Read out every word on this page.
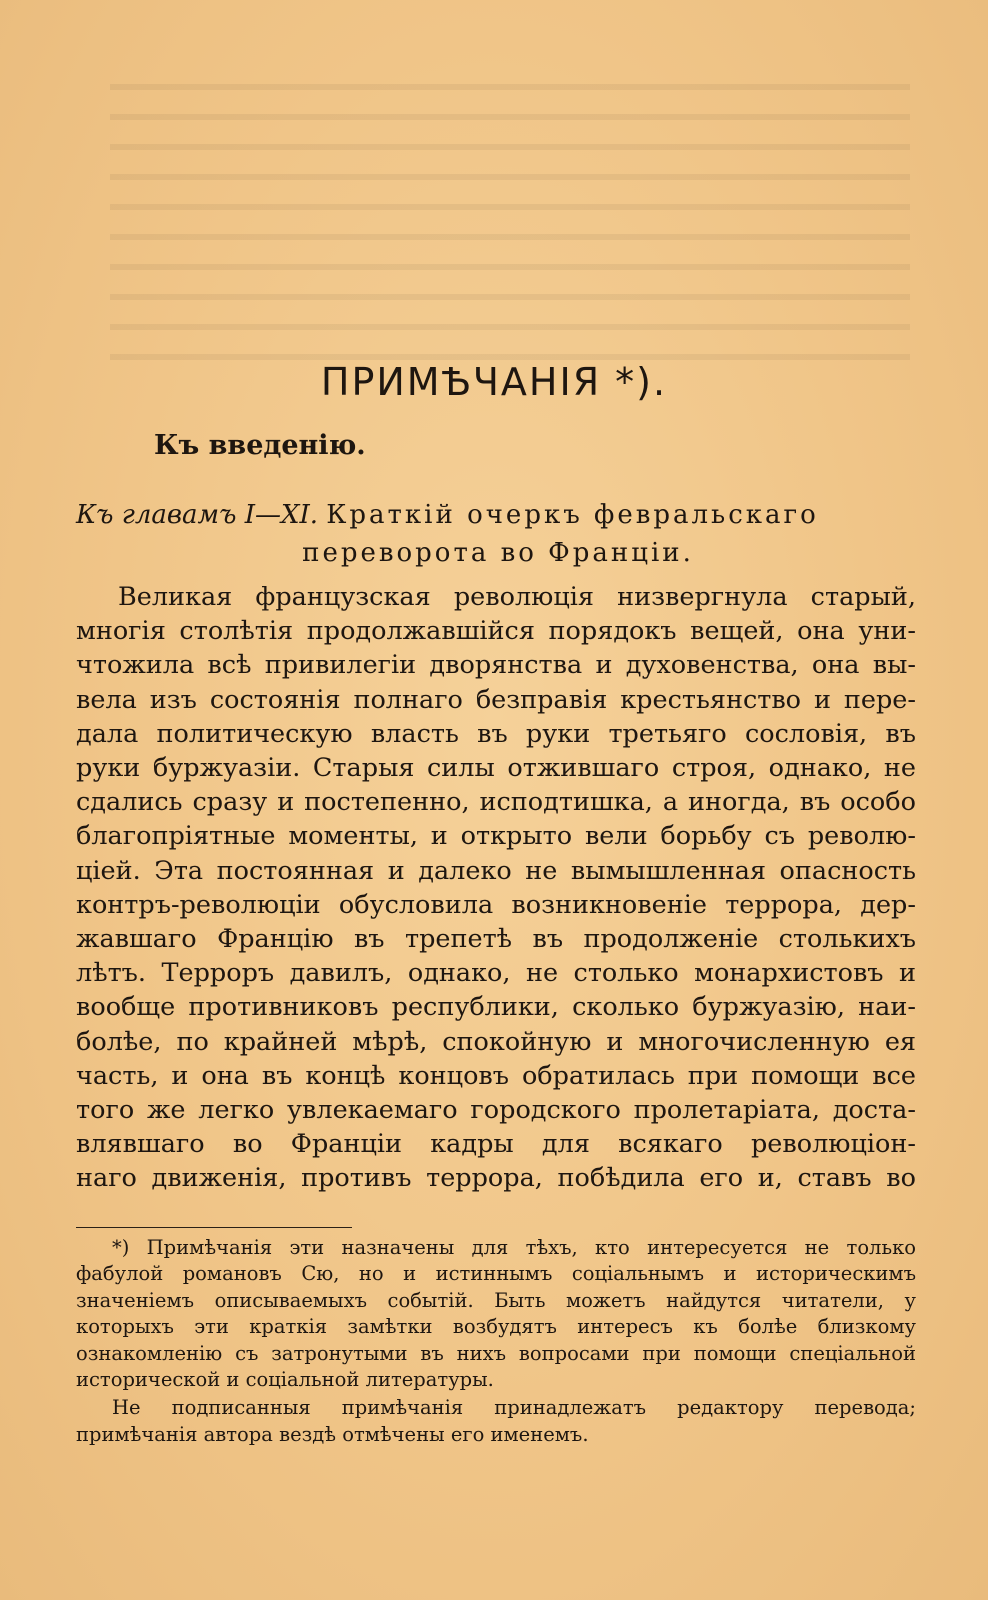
ПРИМѢЧАНІЯ *).
Къ введенію.
Къ главамъ I—XI. Краткій очеркъ февральскаго
переворота во Франціи.
Великая французская революція низвергнула старый,
многія столѣтія продолжавшійся порядокъ вещей, она уни-
чтожила всѣ привилегіи дворянства и духовенства, она вы-
вела изъ состоянія полнаго безправія крестьянство и пере-
дала политическую власть въ руки третьяго сословія, въ
руки буржуазіи. Старыя силы отжившаго строя, однако, не
сдались сразу и постепенно, исподтишка, а иногда, въ особо
благопріятные моменты, и открыто вели борьбу съ револю-
ціей. Эта постоянная и далеко не вымышленная опасность
контръ-революціи обусловила возникновеніе террора, дер-
жавшаго Францію въ трепетѣ въ продолженіе столькихъ
лѣтъ. Терроръ давилъ, однако, не столько монархистовъ и
вообще противниковъ республики, сколько буржуазію, наи-
болѣе, по крайней мѣрѣ, спокойную и многочисленную ея
часть, и она въ концѣ концовъ обратилась при помощи все
того же легко увлекаемаго городского пролетаріата, доста-
влявшаго во Франціи кадры для всякаго революціон-
наго движенія, противъ террора, побѣдила его и, ставъ во
*) Примѣчанія эти назначены для тѣхъ, кто интересуется не только
фабулой романовъ Сю, но и истиннымъ соціальнымъ и историческимъ
значеніемъ описываемыхъ событій. Быть можетъ найдутся читатели, у
которыхъ эти краткія замѣтки возбудятъ интересъ къ болѣе близкому
ознакомленію съ затронутыми въ нихъ вопросами при помощи спеціальной
исторической и соціальной литературы.
Не подписанныя примѣчанія принадлежатъ редактору перевода;
примѣчанія автора вездѣ отмѣчены его именемъ.
